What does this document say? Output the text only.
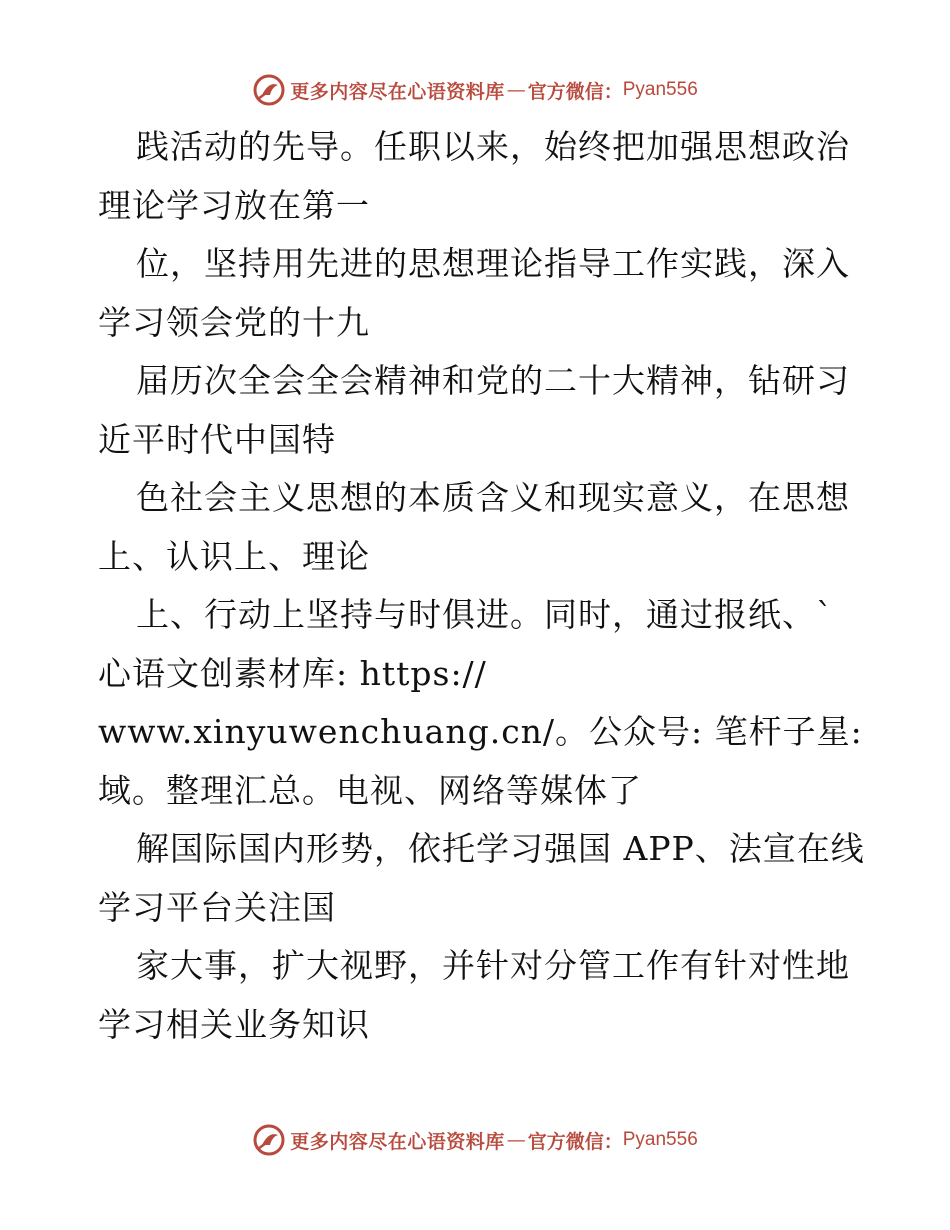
更多内容尽在心语资料库 — 官方微信： Pyan556
践活动的先导。任职以来，始终把加强思想政治
理论学习放在第一
位，坚持用先进的思想理论指导工作实践，深入
学习领会党的十九
届历次全会全会精神和党的二十大精神，钻研习
近平时代中国特
色社会主义思想的本质含义和现实意义，在思想
上、认识上、理论
上、行动上坚持与时俱进。同时，通过报纸、`
心语文创素材库: https://
www.xinyuwenchuang.cn/。公众号: 笔杆子星:
域。整理汇总。电视、网络等媒体了
解国际国内形势，依托学习强国 APP、法宣在线
学习平台关注国
家大事，扩大视野，并针对分管工作有针对性地
学习相关业务知识
更多内容尽在心语资料库 — 官方微信： Pyan556
